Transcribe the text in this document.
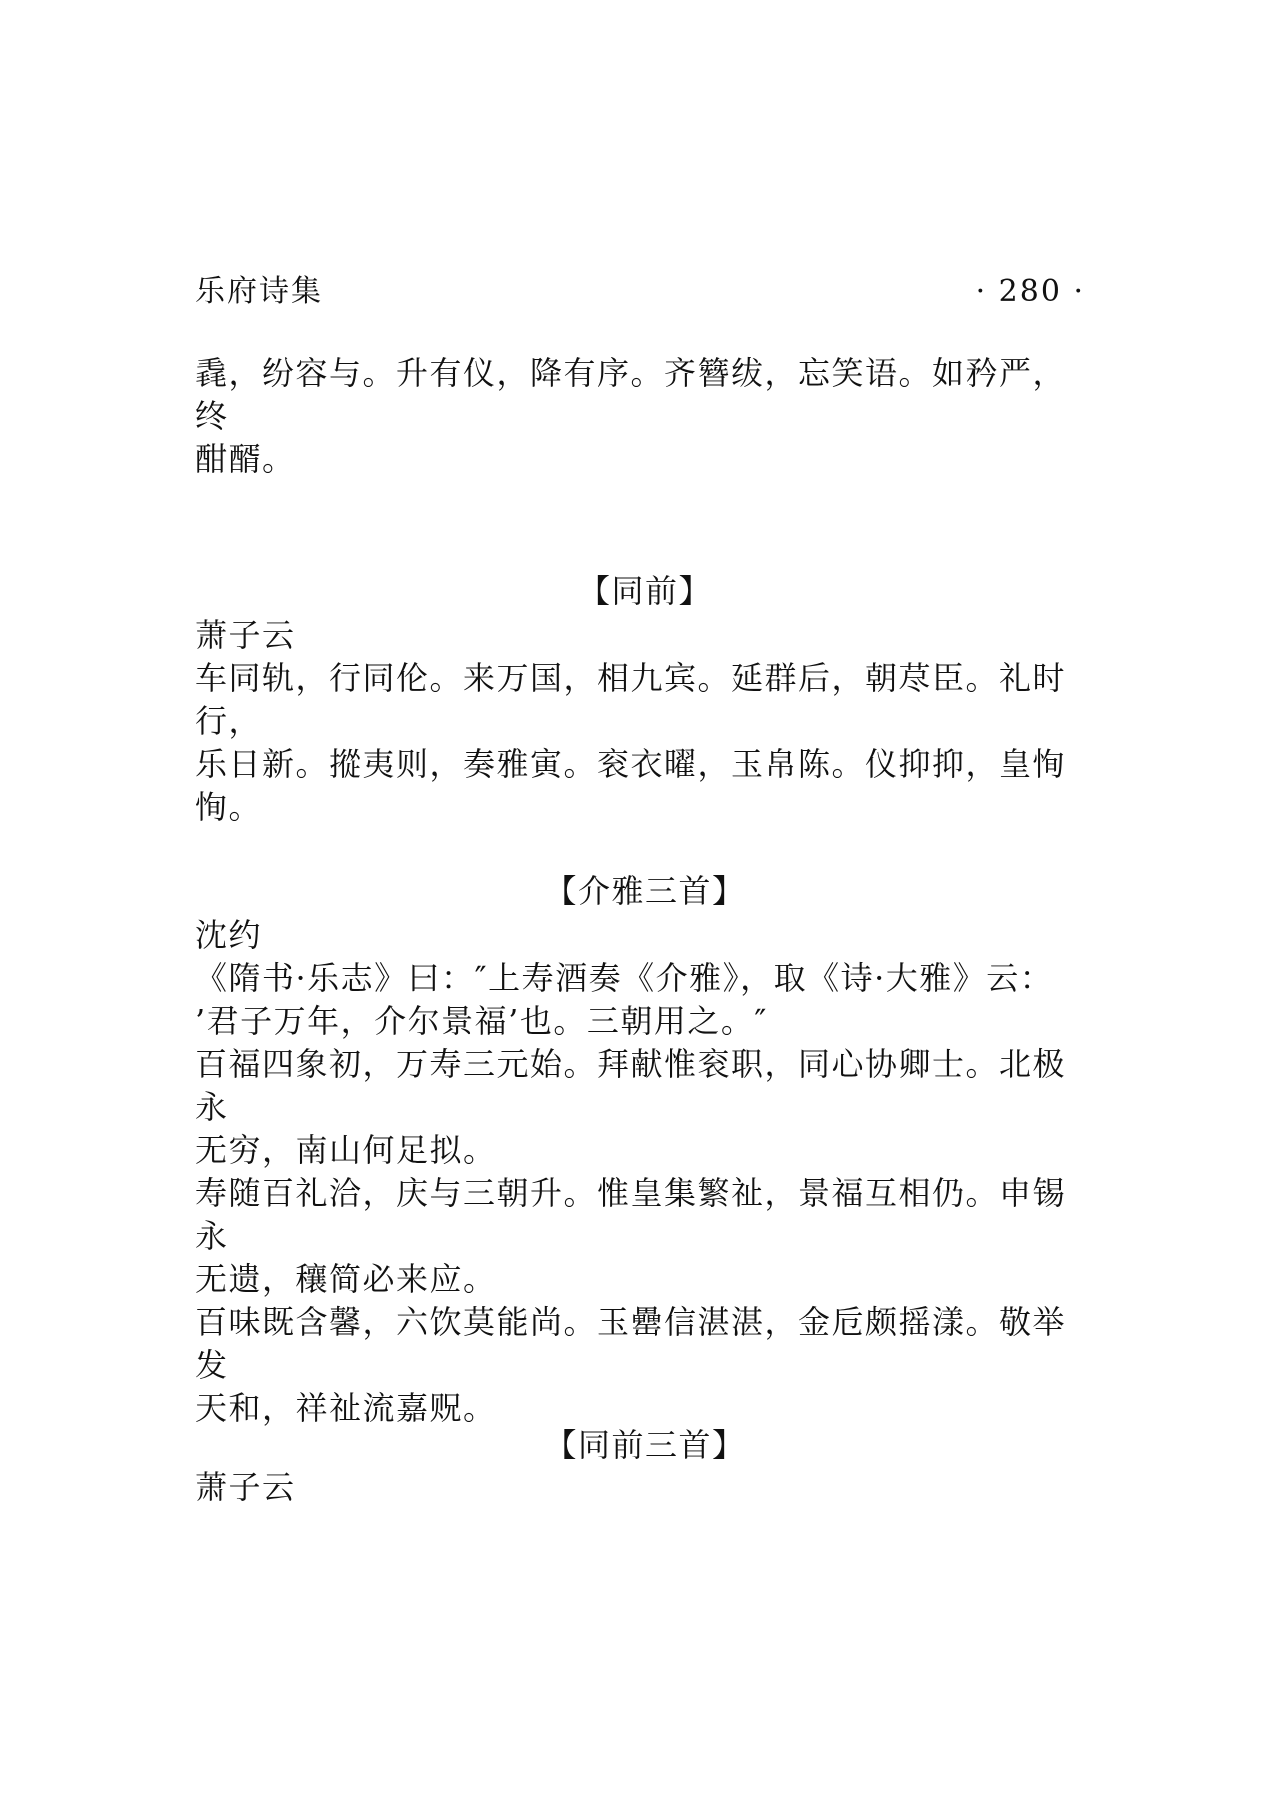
乐府诗集	· 280 ·

毳，纷容与。升有仪，降有序。齐簪绂，忘笑语。如矜严，终

酣醑。

【同前】

萧子云

车同轨，行同伦。来万国，相九宾。延群后，朝荩臣。礼时行，

乐日新。摐夷则，奏雅寅。衮衣曜，玉帛陈。仪抑抑，皇恂恂。

【介雅三首】

沈约

《隋书·乐志》曰：″上寿酒奏《介雅》，取《诗·大雅》云：

’君子万年，介尔景福’也。三朝用之。″

百福四象初，万寿三元始。拜献惟衮职，同心协卿士。北极永

无穷，南山何足拟。

寿随百礼洽，庆与三朝升。惟皇集繁祉，景福互相仍。申锡永

无遗，穰简必来应。

百味既含馨，六饮莫能尚。玉罍信湛湛，金卮颇摇漾。敬举发

天和，祥祉流嘉贶。

【同前三首】

萧子云
